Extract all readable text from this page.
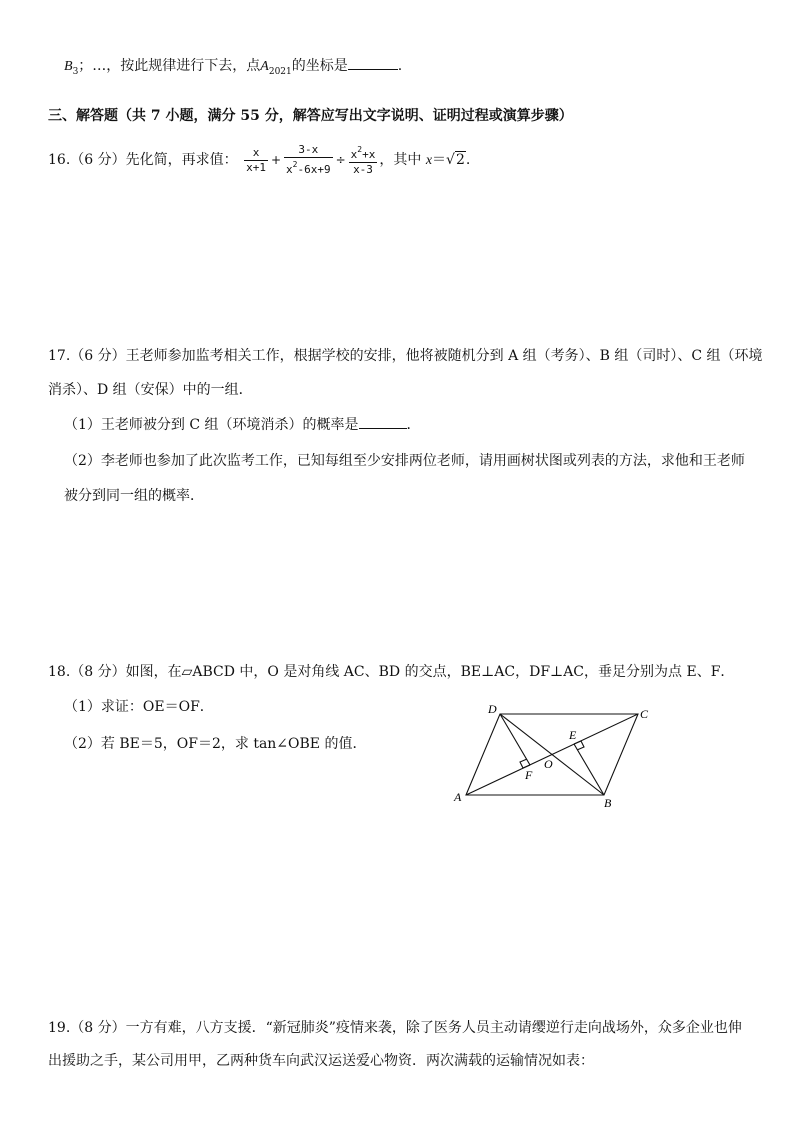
$B_3$；…，按此规律进行下去，点$A_{2021}$的坐标是	.
三、解答题（共 7 小题，满分 55 分，解答应写出文字说明、证明过程或演算步骤）
16.（6 分）先化简，再求值： $\frac{x}{x+1} + \frac{3-x}{x^2-6x+9} \div \frac{x^2+x}{x-3}$ ，其中 x＝√2.
17.（6 分）王老师参加监考相关工作，根据学校的安排，他将被随机分到 A 组（考务）、B 组（司时）、C 组（环境
消杀）、D 组（安保）中的一组．
（1）王老师被分到 C 组（环境消杀）的概率是	．
（2）李老师也参加了此次监考工作，已知每组至少安排两位老师，请用画树状图或列表的方法，求他和王老师
被分到同一组的概率．
18.（8 分）如图，在▱ABCD 中，O 是对角线 AC、BD 的交点，BE⊥AC，DF⊥AC，垂足分别为点 E、F．
（1）求证：OE＝OF．
（2）若 BE＝5，OF＝2，求 tan∠OBE 的值．
A	B
C
D
E
F
O
19.（8 分）一方有难，八方支援．“新冠肺炎”疫情来袭，除了医务人员主动请缨逆行走向战场外，众多企业也伸
出援助之手，某公司用甲，乙两种货车向武汉运送爱心物资．两次满载的运输情况如表：
